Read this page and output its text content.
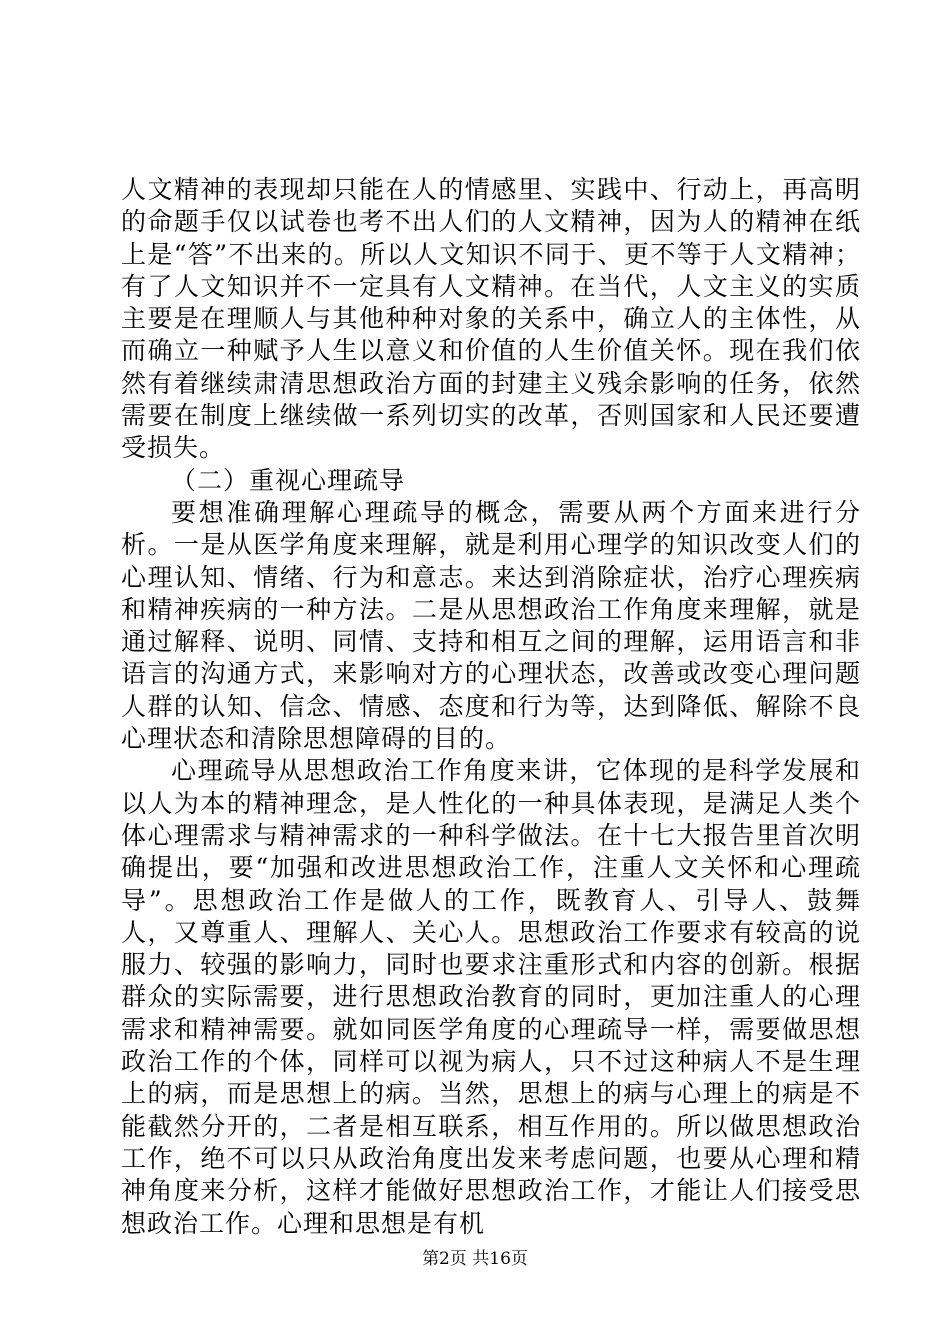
人文精神的表现却只能在人的情感里、实践中、行动上，再高明的命题手仅以试卷也考不出人们的人文精神，因为人的精神在纸上是“答”不出来的。所以人文知识不同于、更不等于人文精神；有了人文知识并不一定具有人文精神。在当代，人文主义的实质主要是在理顺人与其他种种对象的关系中，确立人的主体性，从而确立一种赋予人生以意义和价值的人生价值关怀。现在我们依然有着继续肃清思想政治方面的封建主义残余影响的任务，依然需要在制度上继续做一系列切实的改革，否则国家和人民还要遭受损失。

（二）重视心理疏导

要想准确理解心理疏导的概念，需要从两个方面来进行分析。一是从医学角度来理解，就是利用心理学的知识改变人们的心理认知、情绪、行为和意志。来达到消除症状，治疗心理疾病和精神疾病的一种方法。二是从思想政治工作角度来理解，就是通过解释、说明、同情、支持和相互之间的理解，运用语言和非语言的沟通方式，来影响对方的心理状态，改善或改变心理问题人群的认知、信念、情感、态度和行为等，达到降低、解除不良心理状态和清除思想障碍的目的。

心理疏导从思想政治工作角度来讲，它体现的是科学发展和以人为本的精神理念，是人性化的一种具体表现，是满足人类个体心理需求与精神需求的一种科学做法。在十七大报告里首次明确提出，要“加强和改进思想政治工作，注重人文关怀和心理疏导”。思想政治工作是做人的工作，既教育人、引导人、鼓舞人，又尊重人、理解人、关心人。思想政治工作要求有较高的说服力、较强的影响力，同时也要求注重形式和内容的创新。根据群众的实际需要，进行思想政治教育的同时，更加注重人的心理需求和精神需要。就如同医学角度的心理疏导一样，需要做思想政治工作的个体，同样可以视为病人，只不过这种病人不是生理上的病，而是思想上的病。当然，思想上的病与心理上的病是不能截然分开的，二者是相互联系，相互作用的。所以做思想政治工作，绝不可以只从政治角度出发来考虑问题，也要从心理和精神角度来分析，这样才能做好思想政治工作，才能让人们接受思想政治工作。心理和思想是有机

第2页 共16页
